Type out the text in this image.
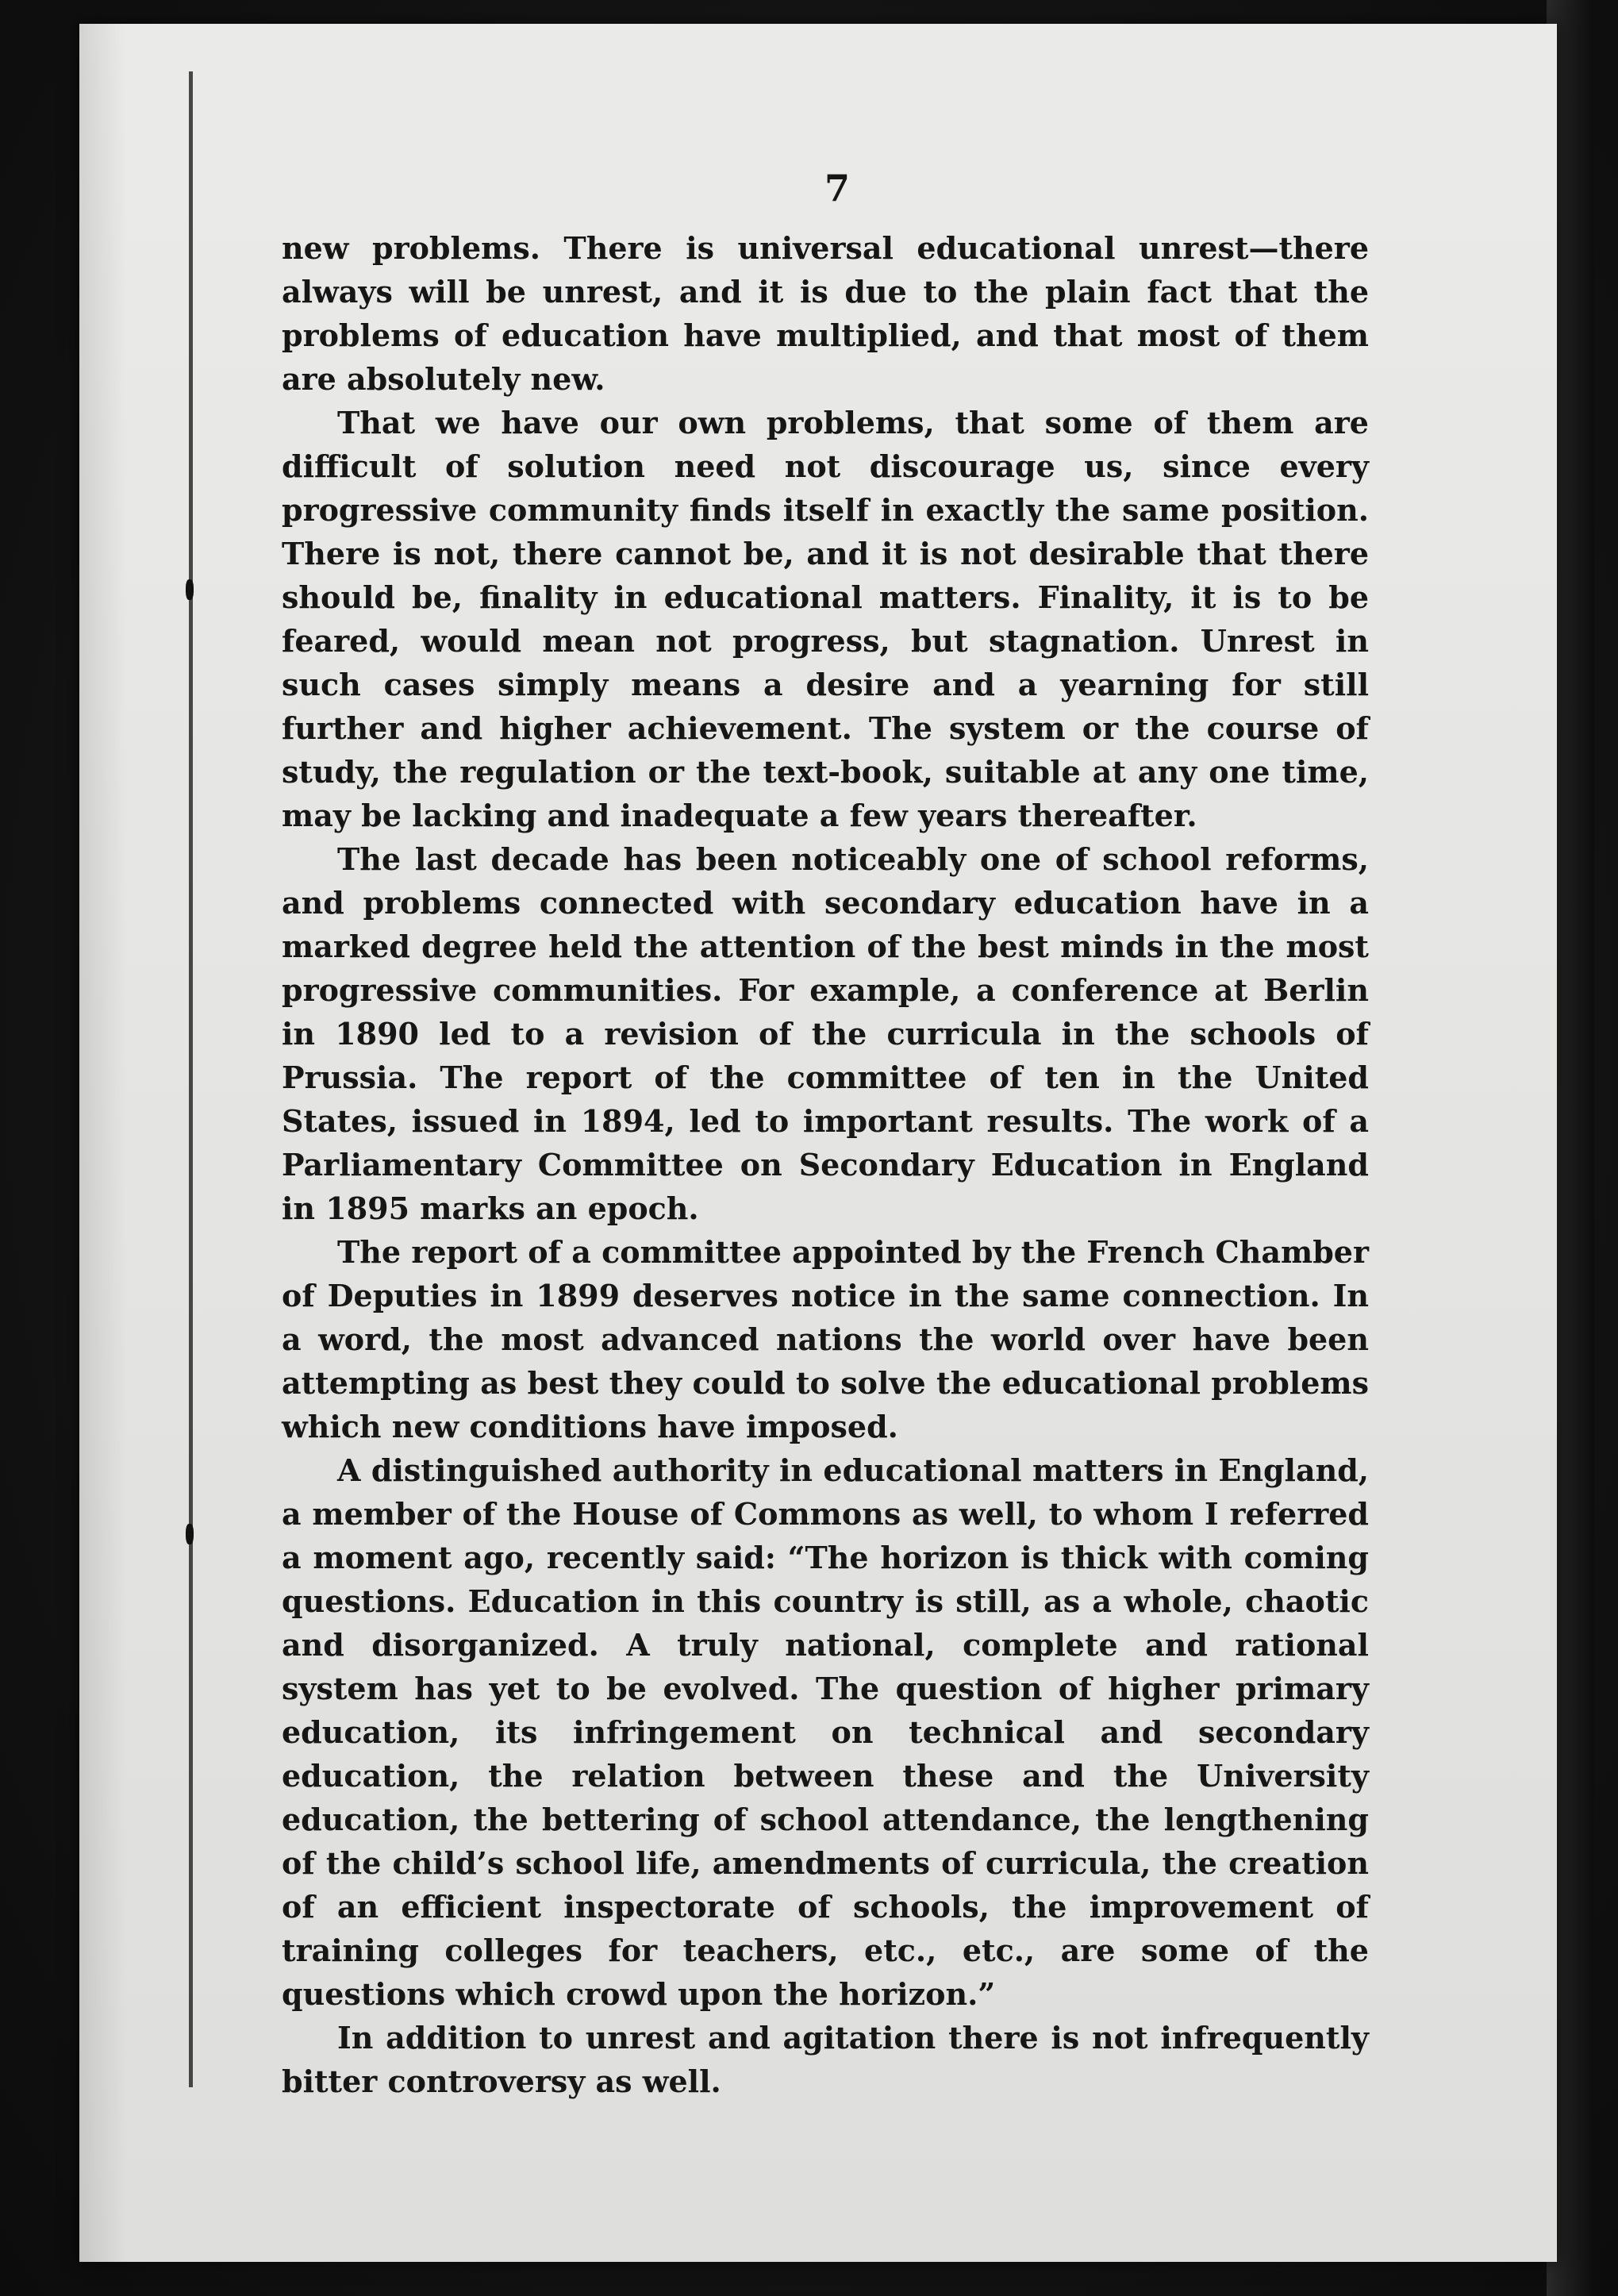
7

new problems. There is universal educational unrest—there always will be unrest, and it is due to the plain fact that the problems of education have multiplied, and that most of them are absolutely new.

That we have our own problems, that some of them are difficult of solution need not discourage us, since every progressive community finds itself in exactly the same position. There is not, there cannot be, and it is not desirable that there should be, finality in educational matters. Finality, it is to be feared, would mean not progress, but stagnation. Unrest in such cases simply means a desire and a yearning for still further and higher achievement. The system or the course of study, the regulation or the text-book, suitable at any one time, may be lacking and inadequate a few years thereafter.

The last decade has been noticeably one of school reforms, and problems connected with secondary education have in a marked degree held the attention of the best minds in the most progressive communities. For example, a conference at Berlin in 1890 led to a revision of the curricula in the schools of Prussia. The report of the committee of ten in the United States, issued in 1894, led to important results. The work of a Parliamentary Committee on Secondary Education in England in 1895 marks an epoch.

The report of a committee appointed by the French Chamber of Deputies in 1899 deserves notice in the same connection. In a word, the most advanced nations the world over have been attempting as best they could to solve the educational problems which new conditions have imposed.

A distinguished authority in educational matters in England, a member of the House of Commons as well, to whom I referred a moment ago, recently said: “The horizon is thick with coming questions. Education in this country is still, as a whole, chaotic and disorganized. A truly national, complete and rational system has yet to be evolved. The question of higher primary education, its infringement on technical and secondary education, the relation between these and the University education, the bettering of school attendance, the lengthening of the child’s school life, amendments of curricula, the creation of an efficient inspectorate of schools, the improvement of training colleges for teachers, etc., etc., are some of the questions which crowd upon the horizon.”

In addition to unrest and agitation there is not infrequently bitter controversy as well.
